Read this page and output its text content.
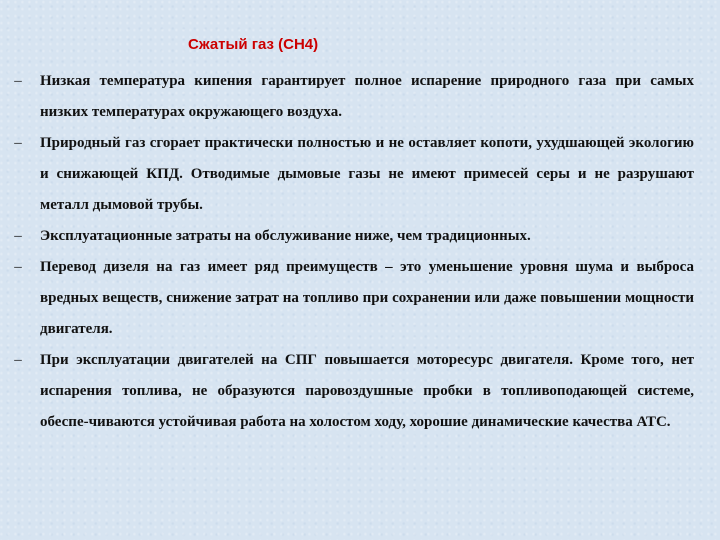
Сжатый газ (СН4)
–	Низкая температура кипения гарантирует полное испарение природного газа при самых низких температурах окружающего воздуха.
–	Природный газ сгорает практически полностью и не оставляет копоти, ухудшающей экологию и снижающей КПД. Отводимые дымовые газы не имеют примесей серы и не разрушают металл дымовой трубы.
–	Эксплуатационные затраты на обслуживание ниже, чем традиционных.
–	Перевод дизеля на газ имеет ряд преимуществ – это уменьшение уровня шума и выброса вредных веществ, снижение затрат на топливо при сохранении или даже повышении мощности двигателя.
–	При эксплуатации двигателей на СПГ повышается моторесурс двигателя. Кроме того, нет испарения топлива, не образуются паровоздушные пробки в топливоподающей системе, обеспе-чиваются устойчивая работа на холостом ходу, хорошие динамические качества АТС.
